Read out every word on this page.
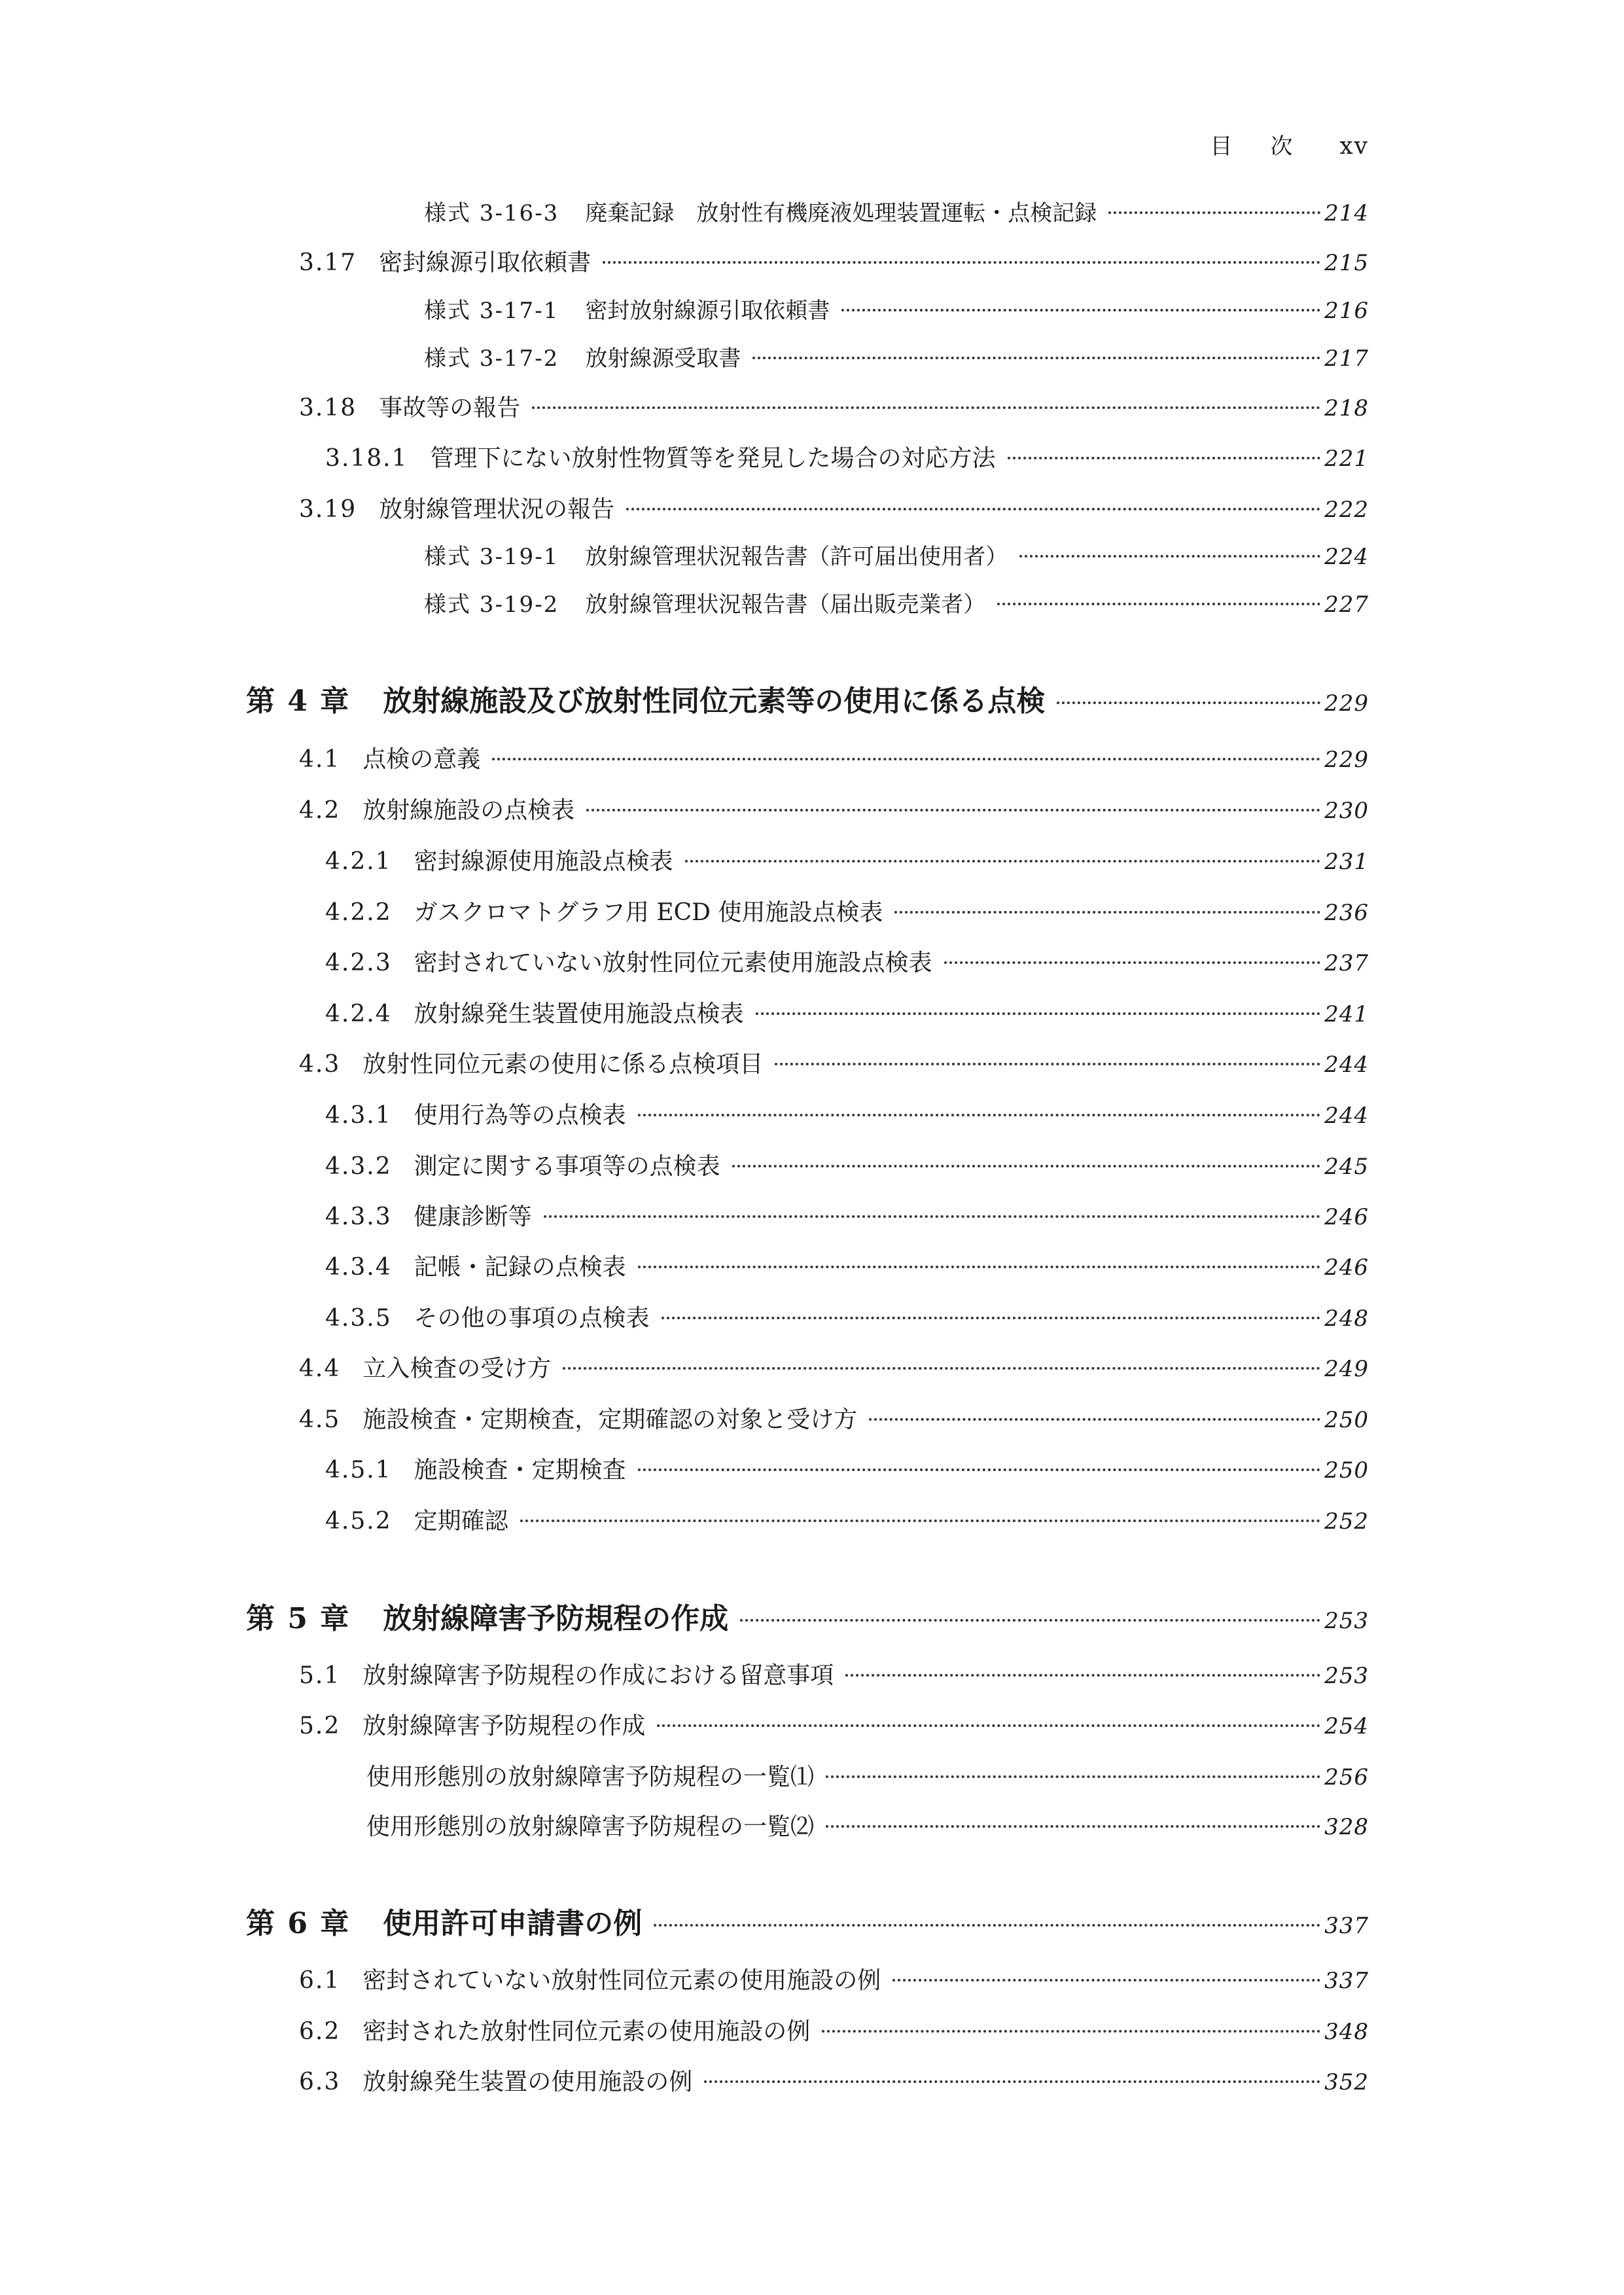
目 次 xv
様式 3-16-3 廃棄記録　放射性有機廃液処理装置運転・点検記録	214
3.17 密封線源引取依頼書	215
様式 3-17-1 密封放射線源引取依頼書	216
様式 3-17-2 放射線源受取書	217
3.18 事故等の報告	218
3.18.1 管理下にない放射性物質等を発見した場合の対応方法	221
3.19 放射線管理状況の報告	222
様式 3-19-1 放射線管理状況報告書（許可届出使用者）	224
様式 3-19-2 放射線管理状況報告書（届出販売業者）	227
第 4 章 放射線施設及び放射性同位元素等の使用に係る点検	229
4.1 点検の意義	229
4.2 放射線施設の点検表	230
4.2.1 密封線源使用施設点検表	231
4.2.2 ガスクロマトグラフ用 ECD 使用施設点検表	236
4.2.3 密封されていない放射性同位元素使用施設点検表	237
4.2.4 放射線発生装置使用施設点検表	241
4.3 放射性同位元素の使用に係る点検項目	244
4.3.1 使用行為等の点検表	244
4.3.2 測定に関する事項等の点検表	245
4.3.3 健康診断等	246
4.3.4 記帳・記録の点検表	246
4.3.5 その他の事項の点検表	248
4.4 立入検査の受け方	249
4.5 施設検査・定期検査，定期確認の対象と受け方	250
4.5.1 施設検査・定期検査	250
4.5.2 定期確認	252
第 5 章 放射線障害予防規程の作成	253
5.1 放射線障害予防規程の作成における留意事項	253
5.2 放射線障害予防規程の作成	254
使用形態別の放射線障害予防規程の一覧⑴	256
使用形態別の放射線障害予防規程の一覧⑵	328
第 6 章 使用許可申請書の例	337
6.1 密封されていない放射性同位元素の使用施設の例	337
6.2 密封された放射性同位元素の使用施設の例	348
6.3 放射線発生装置の使用施設の例	352
